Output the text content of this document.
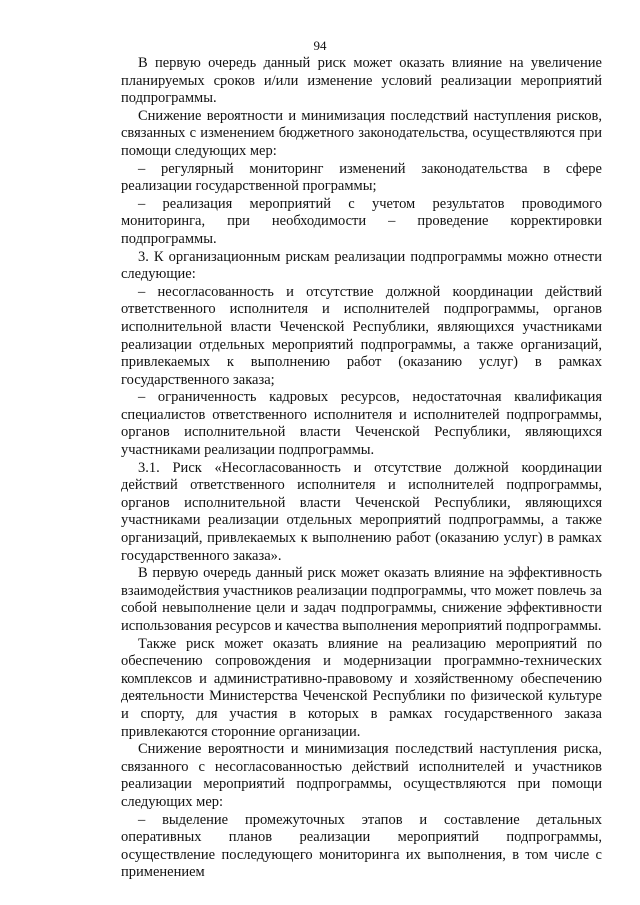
94

В первую очередь данный риск может оказать влияние на увеличение планируемых сроков и/или изменение условий реализации мероприятий подпрограммы.

Снижение вероятности и минимизация последствий наступления рисков, связанных с изменением бюджетного законодательства, осуществляются при помощи следующих мер:

– регулярный мониторинг изменений законодательства в сфере реализации государственной программы;

– реализация мероприятий с учетом результатов проводимого мониторинга, при необходимости – проведение корректировки подпрограммы.

3. К организационным рискам реализации подпрограммы можно отнести следующие:

– несогласованность и отсутствие должной координации действий ответственного исполнителя и исполнителей подпрограммы, органов исполнительной власти Чеченской Республики, являющихся участниками реализации отдельных мероприятий подпрограммы, а также организаций, привлекаемых к выполнению работ (оказанию услуг) в рамках государственного заказа;

– ограниченность кадровых ресурсов, недостаточная квалификация специалистов ответственного исполнителя и исполнителей подпрограммы, органов исполнительной власти Чеченской Республики, являющихся участниками реализации подпрограммы.

3.1. Риск «Несогласованность и отсутствие должной координации действий ответственного исполнителя и исполнителей подпрограммы, органов исполнительной власти Чеченской Республики, являющихся участниками реализации отдельных мероприятий подпрограммы, а также организаций, привлекаемых к выполнению работ (оказанию услуг) в рамках государственного заказа».

В первую очередь данный риск может оказать влияние на эффективность взаимодействия участников реализации подпрограммы, что может повлечь за собой невыполнение цели и задач подпрограммы, снижение эффективности использования ресурсов и качества выполнения мероприятий подпрограммы.

Также риск может оказать влияние на реализацию мероприятий по обеспечению сопровождения и модернизации программно-технических комплексов и административно-правовому и хозяйственному обеспечению деятельности Министерства Чеченской Республики по физической культуре и спорту, для участия в которых в рамках государственного заказа привлекаются сторонние организации.

Снижение вероятности и минимизация последствий наступления риска, связанного с несогласованностью действий исполнителей и участников реализации мероприятий подпрограммы, осуществляются при помощи следующих мер:

– выделение промежуточных этапов и составление детальных оперативных планов реализации мероприятий подпрограммы, осуществление последующего мониторинга их выполнения, в том числе с применением
